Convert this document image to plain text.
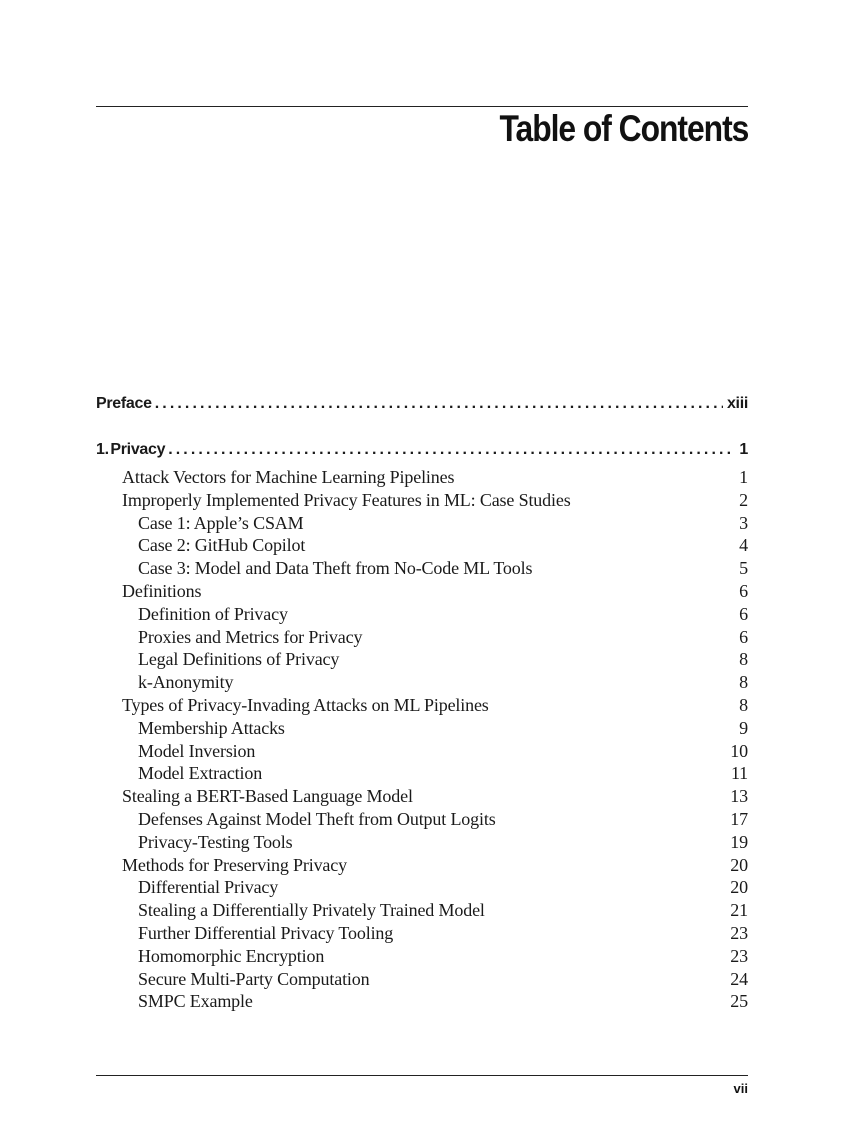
Table of Contents
Preface .....	xiii
1. Privacy .....	1
Attack Vectors for Machine Learning Pipelines	1
Improperly Implemented Privacy Features in ML: Case Studies	2
Case 1: Apple’s CSAM	3
Case 2: GitHub Copilot	4
Case 3: Model and Data Theft from No-Code ML Tools	5
Definitions	6
Definition of Privacy	6
Proxies and Metrics for Privacy	6
Legal Definitions of Privacy	8
k-Anonymity	8
Types of Privacy-Invading Attacks on ML Pipelines	8
Membership Attacks	9
Model Inversion	10
Model Extraction	11
Stealing a BERT-Based Language Model	13
Defenses Against Model Theft from Output Logits	17
Privacy-Testing Tools	19
Methods for Preserving Privacy	20
Differential Privacy	20
Stealing a Differentially Privately Trained Model	21
Further Differential Privacy Tooling	23
Homomorphic Encryption	23
Secure Multi-Party Computation	24
SMPC Example	25
vii
